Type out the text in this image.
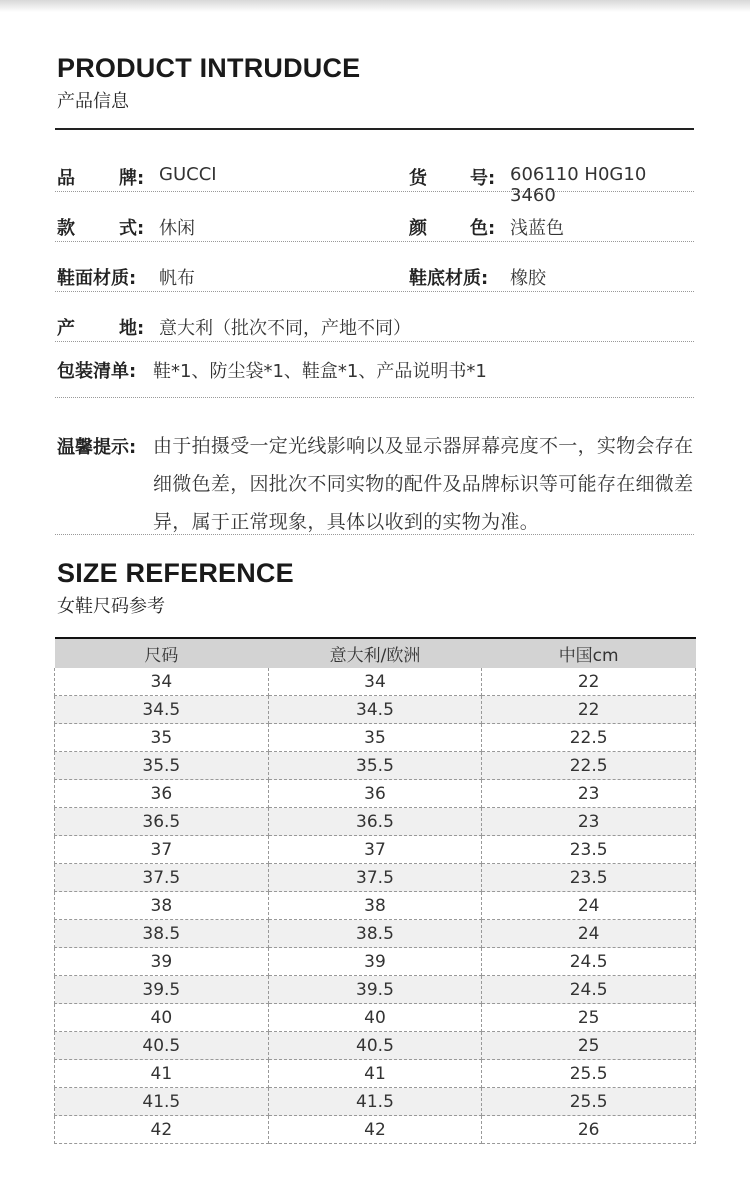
PRODUCT INTRUDUCE
产品信息
品 牌: GUCCI	货 号: 606110 H0G10 3460
款 式: 休闲	颜 色: 浅蓝色
鞋面材质: 帆布	鞋底材质: 橡胶
产 地: 意大利（批次不同，产地不同）
包装清单: 鞋*1、防尘袋*1、鞋盒*1、产品说明书*1
温馨提示: 由于拍摄受一定光线影响以及显示器屏幕亮度不一，实物会存在细微色差，因批次不同实物的配件及品牌标识等可能存在细微差异，属于正常现象，具体以收到的实物为准。
SIZE REFERENCE
女鞋尺码参考
尺码	意大利/欧洲	中国cm
34	34	22
34.5	34.5	22
35	35	22.5
35.5	35.5	22.5
36	36	23
36.5	36.5	23
37	37	23.5
37.5	37.5	23.5
38	38	24
38.5	38.5	24
39	39	24.5
39.5	39.5	24.5
40	40	25
40.5	40.5	25
41	41	25.5
41.5	41.5	25.5
42	42	26
